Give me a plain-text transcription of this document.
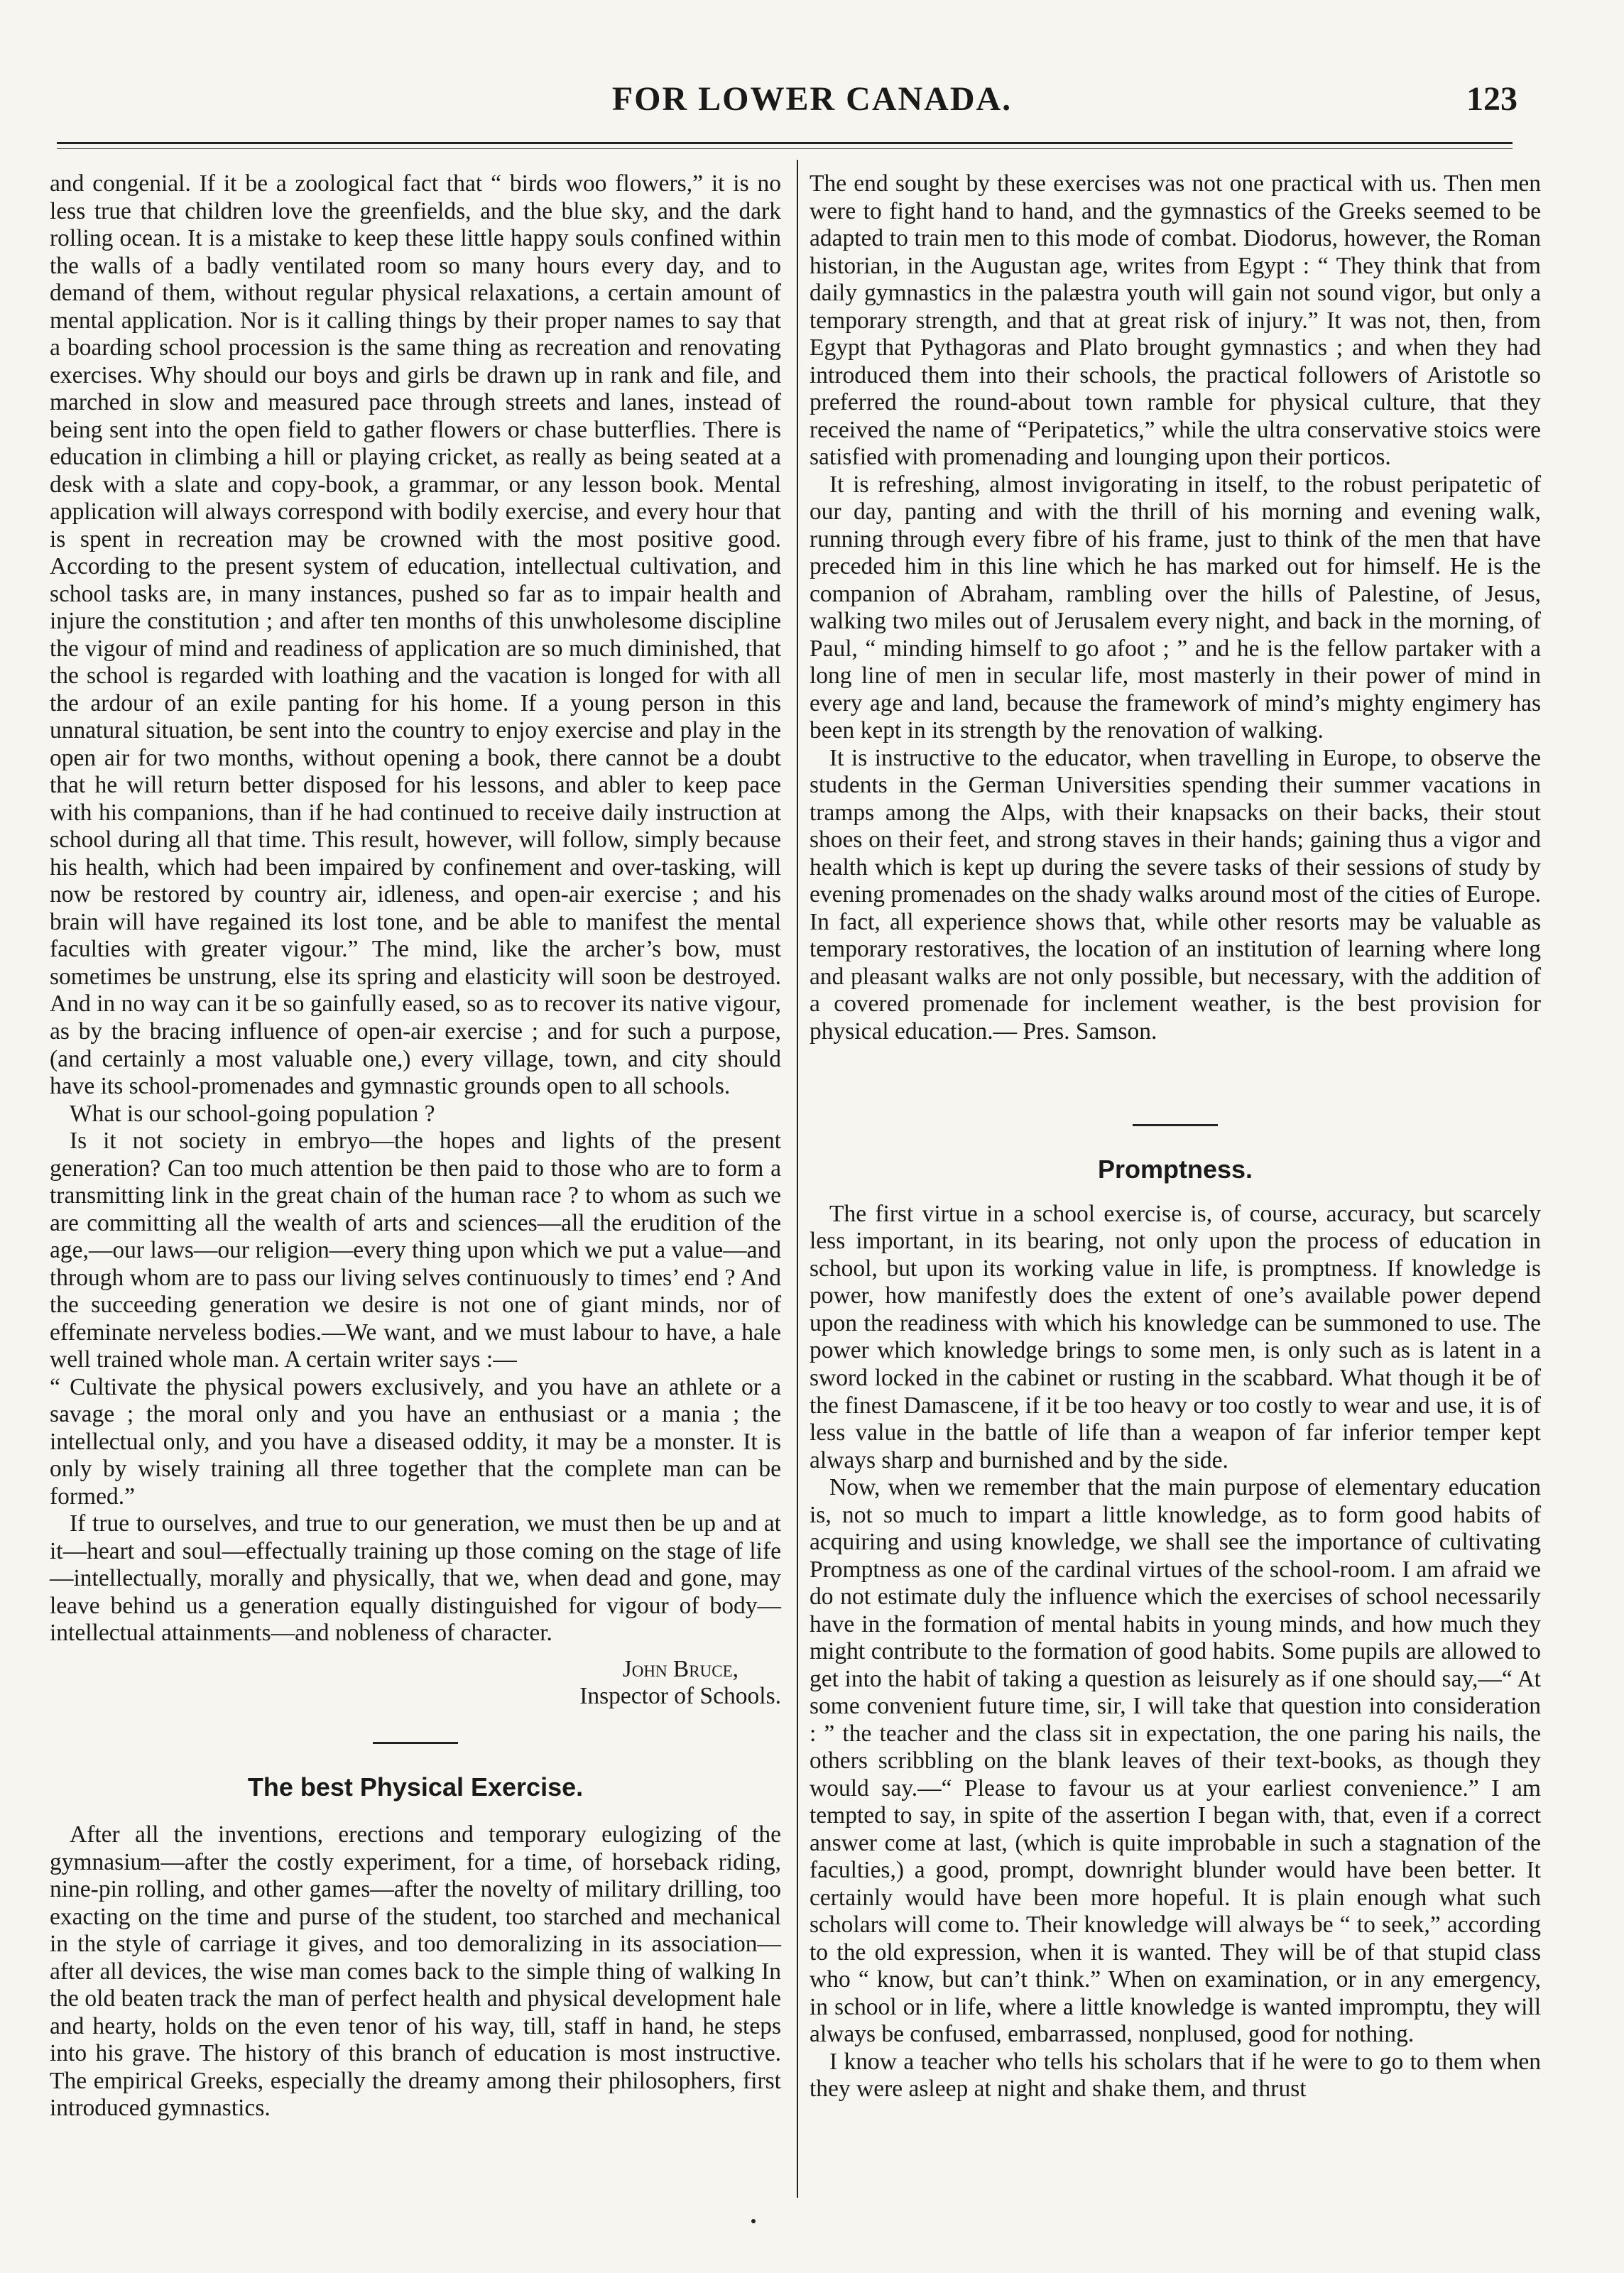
FOR LOWER CANADA.	123

and congenial. If it be a zoological fact that “ birds woo flowers,” it is no less true that children love the greenfields, and the blue sky, and the dark rolling ocean. It is a mistake to keep these little happy souls confined within the walls of a badly ventilated room so many hours every day, and to demand of them, without regular physical relaxations, a certain amount of mental application. Nor is it calling things by their proper names to say that a boarding school procession is the same thing as recreation and renovating exercises. Why should our boys and girls be drawn up in rank and file, and marched in slow and measured pace through streets and lanes, instead of being sent into the open field to gather flowers or chase butterflies. There is education in climbing a hill or playing cricket, as really as being seated at a desk with a slate and copy-book, a grammar, or any lesson book. Mental application will always correspond with bodily exercise, and every hour that is spent in recreation may be crowned with the most positive good. According to the present system of education, intellectual cultivation, and school tasks are, in many instances, pushed so far as to impair health and injure the constitution ; and after ten months of this unwholesome discipline the vigour of mind and readiness of application are so much diminished, that the school is regarded with loathing and the vacation is longed for with all the ardour of an exile panting for his home. If a young person in this unnatural situation, be sent into the country to enjoy exercise and play in the open air for two months, without opening a book, there cannot be a doubt that he will return better disposed for his lessons, and abler to keep pace with his companions, than if he had continued to receive daily instruction at school during all that time. This result, however, will follow, simply because his health, which had been impaired by confinement and over-tasking, will now be restored by country air, idleness, and open-air exercise ; and his brain will have regained its lost tone, and be able to manifest the mental faculties with greater vigour.” The mind, like the archer’s bow, must sometimes be unstrung, else its spring and elasticity will soon be destroyed. And in no way can it be so gainfully eased, so as to recover its native vigour, as by the bracing influence of open-air exercise ; and for such a purpose, (and certainly a most valuable one,) every village, town, and city should have its school-promenades and gymnastic grounds open to all schools.

What is our school-going population ?

Is it not society in embryo—the hopes and lights of the present generation? Can too much attention be then paid to those who are to form a transmitting link in the great chain of the human race ? to whom as such we are committing all the wealth of arts and sciences—all the erudition of the age,—our laws—our religion—every thing upon which we put a value—and through whom are to pass our living selves continuously to times’ end ? And the succeeding generation we desire is not one of giant minds, nor of effeminate nerveless bodies.—We want, and we must labour to have, a hale well trained whole man. A certain writer says :—

“ Cultivate the physical powers exclusively, and you have an athlete or a savage ; the moral only and you have an enthusiast or a mania ; the intellectual only, and you have a diseased oddity, it may be a monster. It is only by wisely training all three together that the complete man can be formed.”

If true to ourselves, and true to our generation, we must then be up and at it—heart and soul—effectually training up those coming on the stage of life—intellectually, morally and physically, that we, when dead and gone, may leave behind us a generation equally distinguished for vigour of body—intellectual attainments—and nobleness of character.

John Bruce,
Inspector of Schools.
The best Physical Exercise.

After all the inventions, erections and temporary eulogizing of the gymnasium—after the costly experiment, for a time, of horseback riding, nine-pin rolling, and other games—after the novelty of military drilling, too exacting on the time and purse of the student, too starched and mechanical in the style of carriage it gives, and too demoralizing in its association—after all devices, the wise man comes back to the simple thing of walking In the old beaten track the man of perfect health and physical development hale and hearty, holds on the even tenor of his way, till, staff in hand, he steps into his grave. The history of this branch of education is most instructive. The empirical Greeks, especially the dreamy among their philosophers, first introduced gymnastics.

The end sought by these exercises was not one practical with us. Then men were to fight hand to hand, and the gymnastics of the Greeks seemed to be adapted to train men to this mode of combat. Diodorus, however, the Roman historian, in the Augustan age, writes from Egypt : “ They think that from daily gymnastics in the palæstra youth will gain not sound vigor, but only a temporary strength, and that at great risk of injury.” It was not, then, from Egypt that Pythagoras and Plato brought gymnastics ; and when they had introduced them into their schools, the practical followers of Aristotle so preferred the round-about town ramble for physical culture, that they received the name of “Peripatetics,” while the ultra conservative stoics were satisfied with promenading and lounging upon their porticos.

It is refreshing, almost invigorating in itself, to the robust peripatetic of our day, panting and with the thrill of his morning and evening walk, running through every fibre of his frame, just to think of the men that have preceded him in this line which he has marked out for himself. He is the companion of Abraham, rambling over the hills of Palestine, of Jesus, walking two miles out of Jerusalem every night, and back in the morning, of Paul, “ minding himself to go afoot ; ” and he is the fellow partaker with a long line of men in secular life, most masterly in their power of mind in every age and land, because the framework of mind’s mighty engimery has been kept in its strength by the renovation of walking.

It is instructive to the educator, when travelling in Europe, to observe the students in the German Universities spending their summer vacations in tramps among the Alps, with their knapsacks on their backs, their stout shoes on their feet, and strong staves in their hands; gaining thus a vigor and health which is kept up during the severe tasks of their sessions of study by evening promenades on the shady walks around most of the cities of Europe. In fact, all experience shows that, while other resorts may be valuable as temporary restoratives, the location of an institution of learning where long and pleasant walks are not only possible, but necessary, with the addition of a covered promenade for inclement weather, is the best provision for physical education.— Pres. Samson.

Promptness.

The first virtue in a school exercise is, of course, accuracy, but scarcely less important, in its bearing, not only upon the process of education in school, but upon its working value in life, is promptness. If knowledge is power, how manifestly does the extent of one’s available power depend upon the readiness with which his knowledge can be summoned to use. The power which knowledge brings to some men, is only such as is latent in a sword locked in the cabinet or rusting in the scabbard. What though it be of the finest Damascene, if it be too heavy or too costly to wear and use, it is of less value in the battle of life than a weapon of far inferior temper kept always sharp and burnished and by the side.

Now, when we remember that the main purpose of elementary education is, not so much to impart a little knowledge, as to form good habits of acquiring and using knowledge, we shall see the importance of cultivating Promptness as one of the cardinal virtues of the school-room. I am afraid we do not estimate duly the influence which the exercises of school necessarily have in the formation of mental habits in young minds, and how much they might contribute to the formation of good habits. Some pupils are allowed to get into the habit of taking a question as leisurely as if one should say,—“ At some convenient future time, sir, I will take that question into consideration : ” the teacher and the class sit in expectation, the one paring his nails, the others scribbling on the blank leaves of their text-books, as though they would say.—“ Please to favour us at your earliest convenience.” I am tempted to say, in spite of the assertion I began with, that, even if a correct answer come at last, (which is quite improbable in such a stagnation of the faculties,) a good, prompt, downright blunder would have been better. It certainly would have been more hopeful. It is plain enough what such scholars will come to. Their knowledge will always be “ to seek,” according to the old expression, when it is wanted. They will be of that stupid class who “ know, but can’t think.” When on examination, or in any emergency, in school or in life, where a little knowledge is wanted impromptu, they will always be confused, embarrassed, nonplused, good for nothing.

I know a teacher who tells his scholars that if he were to go to them when they were asleep at night and shake them, and thrust
